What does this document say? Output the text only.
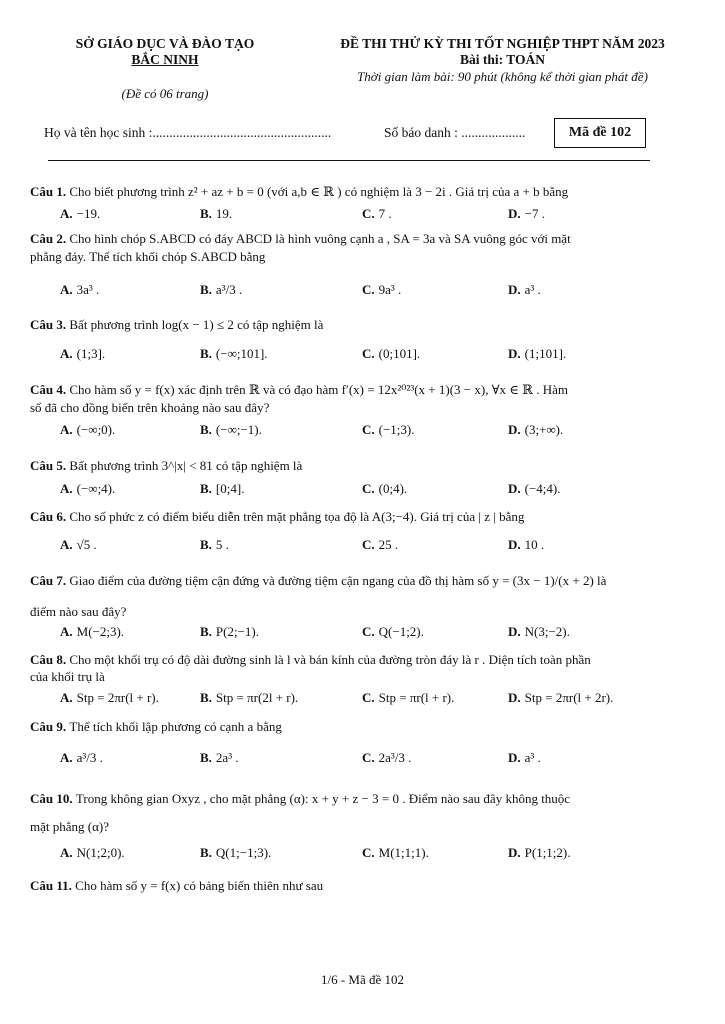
SỞ GIÁO DỤC VÀ ĐÀO TẠO
BẮC NINH
(Đề có 06 trang)
ĐỀ THI THỬ KỲ THI TỐT NGHIỆP THPT NĂM 2023
Bài thi: TOÁN
Thời gian làm bài: 90 phút (không kể thời gian phát đề)
Họ và tên học sinh :.....................................................	Số báo danh : ...................	Mã đề 102
Câu 1. Cho biết phương trình z² + az + b = 0 (với a,b ∈ ℝ ) có nghiệm là 3 − 2i . Giá trị của a + b bằng
A. −19.	B. 19.	C. 7 .	D. −7 .
Câu 2. Cho hình chóp S.ABCD có đáy ABCD là hình vuông cạnh a , SA = 3a và SA vuông góc với mặt
phẳng đáy. Thể tích khối chóp S.ABCD bằng
A. 3a³ .	B. a³/3 .	C. 9a³ .	D. a³ .
Câu 3. Bất phương trình log(x − 1) ≤ 2 có tập nghiệm là
A. (1;3].	B. (−∞;101].	C. (0;101].	D. (1;101].
Câu 4. Cho hàm số y = f(x) xác định trên ℝ và có đạo hàm f′(x) = 12x²⁰²³(x + 1)(3 − x), ∀x ∈ ℝ . Hàm
số đã cho đồng biến trên khoảng nào sau đây?
A. (−∞;0).	B. (−∞;−1).	C. (−1;3).	D. (3;+∞).
Câu 5. Bất phương trình 3^|x| < 81 có tập nghiệm là
A. (−∞;4).	B. [0;4].	C. (0;4).	D. (−4;4).
Câu 6. Cho số phức z có điểm biểu diễn trên mặt phẳng tọa độ là A(3;−4). Giá trị của | z | bằng
A. √5 .	B. 5 .	C. 25 .	D. 10 .
Câu 7. Giao điểm của đường tiệm cận đứng và đường tiệm cận ngang của đồ thị hàm số y = (3x − 1)/(x + 2) là
điểm nào sau đây?
A. M(−2;3).	B. P(2;−1).	C. Q(−1;2).	D. N(3;−2).
Câu 8. Cho một khối trụ có độ dài đường sinh là l và bán kính của đường tròn đáy là r . Diện tích toàn phần
của khối trụ là
A. Stp = 2πr(l + r).	B. Stp = πr(2l + r).	C. Stp = πr(l + r).	D. Stp = 2πr(l + 2r).
Câu 9. Thể tích khối lập phương có cạnh a bằng
A. a³/3 .	B. 2a³ .	C. 2a³/3 .	D. a³ .
Câu 10. Trong không gian Oxyz , cho mặt phẳng (α): x + y + z − 3 = 0 . Điểm nào sau đây không thuộc
mặt phẳng (α)?
A. N(1;2;0).	B. Q(1;−1;3).	C. M(1;1;1).	D. P(1;1;2).
Câu 11. Cho hàm số y = f(x) có bảng biến thiên như sau
1/6 - Mã đề 102
